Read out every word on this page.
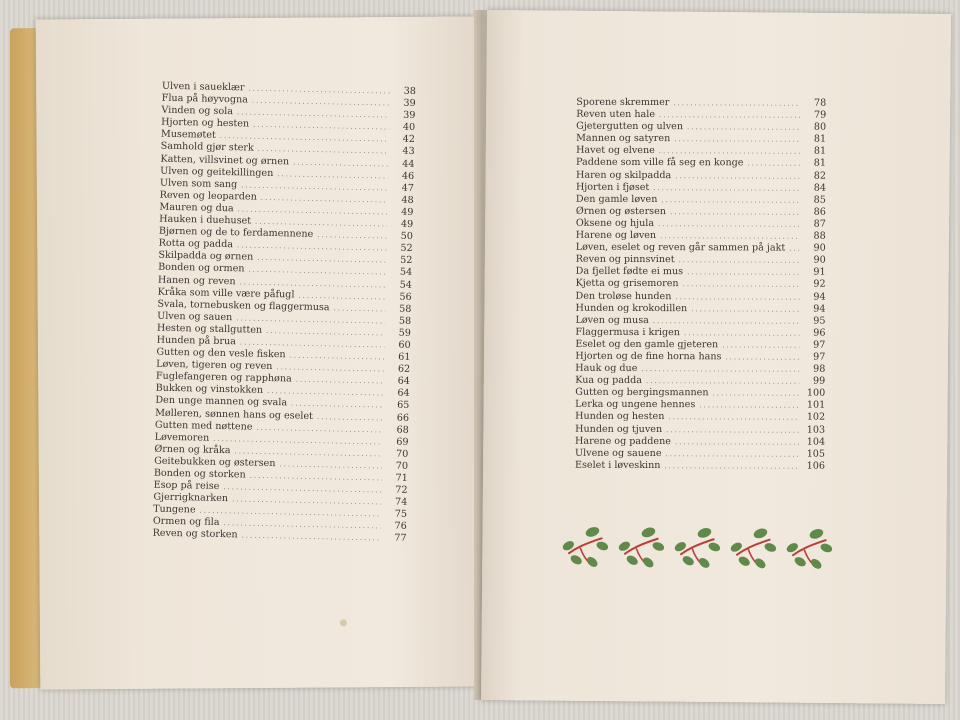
Ulven i saueklær .....	38
Flua på høyvogna .....	39
Vinden og sola .....	39
Hjorten og hesten .....	40
Musemøtet .....	42
Samhold gjør sterk .....	43
Katten, villsvinet og ørnen .....	44
Ulven og geitekillingen .....	46
Ulven som sang .....	47
Reven og leoparden .....	48
Mauren og dua .....	49
Hauken i duehuset .....	49
Bjørnen og de to ferdamennene .....	50
Rotta og padda .....	52
Skilpadda og ørnen .....	52
Bonden og ormen .....	54
Hanen og reven .....	54
Kråka som ville være påfugl .....	56
Svala, tornebusken og flaggermusa .....	58
Ulven og sauen .....	58
Hesten og stallgutten .....	59
Hunden på brua .....	60
Gutten og den vesle fisken .....	61
Løven, tigeren og reven .....	62
Fuglefangeren og rapphøna .....	64
Bukken og vinstokken .....	64
Den unge mannen og svala .....	65
Mølleren, sønnen hans og eselet .....	66
Gutten med nøttene .....	68
Løvemoren .....	69
Ørnen og kråka .....	70
Geitebukken og østersen .....	70
Bonden og storken .....	71
Esop på reise .....	72
Gjerrigknarken .....	74
Tungene .....	75
Ormen og fila .....	76
Reven og storken .....	77
Sporene skremmer .....	78
Reven uten hale .....	79
Gjetergutten og ulven .....	80
Mannen og satyren .....	81
Havet og elvene .....	81
Paddene som ville få seg en konge .....	81
Haren og skilpadda .....	82
Hjorten i fjøset .....	84
Den gamle løven .....	85
Ørnen og østersen .....	86
Oksene og hjula .....	87
Harene og løven .....	88
Løven, eselet og reven går sammen på jakt .....	90
Reven og pinnsvinet .....	90
Da fjellet fødte ei mus .....	91
Kjetta og grisemoren .....	92
Den troløse hunden .....	94
Hunden og krokodillen .....	94
Løven og musa .....	95
Flaggermusa i krigen .....	96
Eselet og den gamle gjeteren .....	97
Hjorten og de fine horna hans .....	97
Hauk og due .....	98
Kua og padda .....	99
Gutten og bergingsmannen .....	100
Lerka og ungene hennes .....	101
Hunden og hesten .....	102
Hunden og tjuven .....	103
Harene og paddene .....	104
Ulvene og sauene .....	105
Eselet i løveskinn .....	106
